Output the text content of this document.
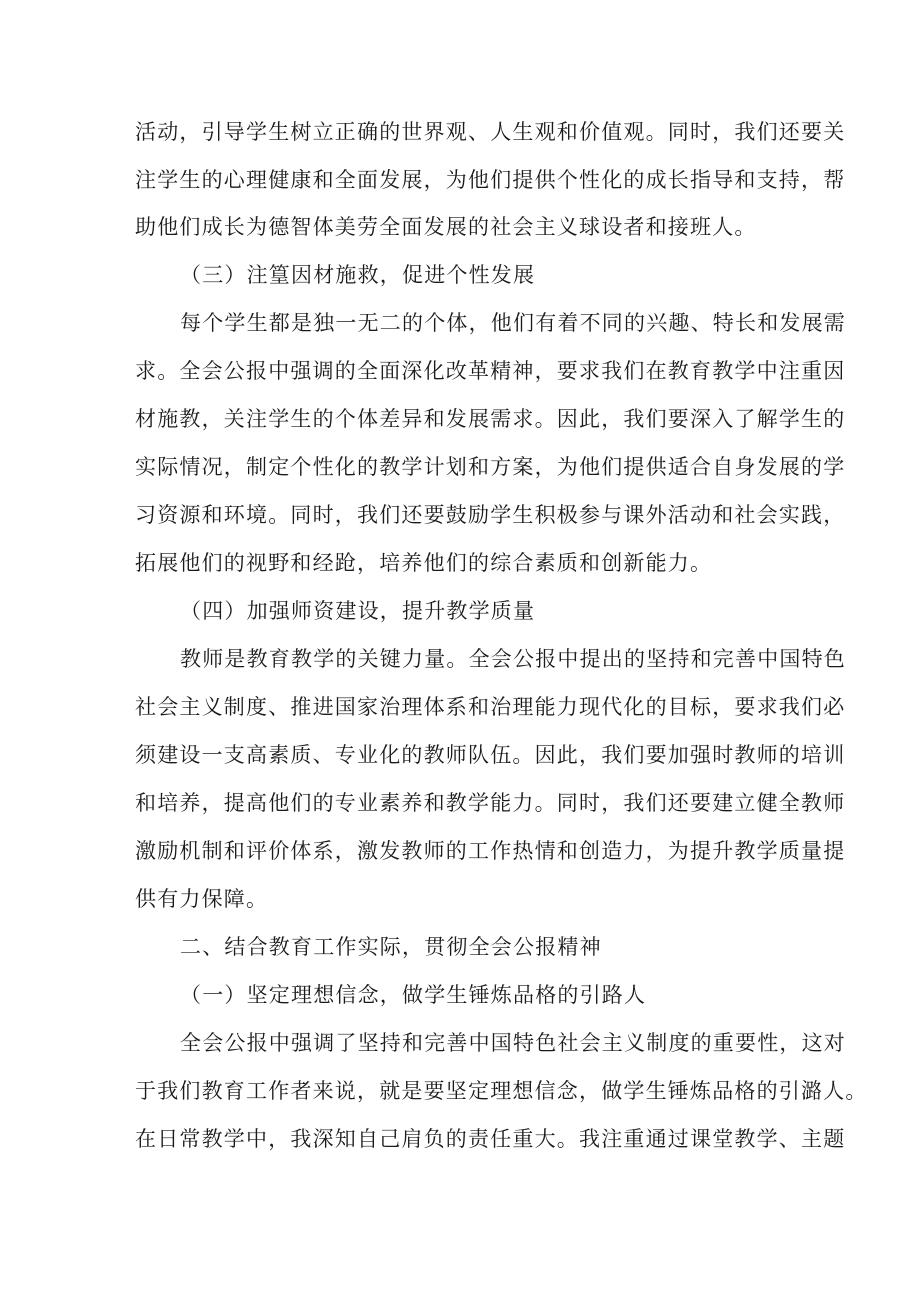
活动，引导学生树立正确的世界观、人生观和价值观。同时，我们还要关
注学生的心理健康和全面发展，为他们提供个性化的成长指导和支持，帮
助他们成长为德智体美劳全面发展的社会主义球设者和接班人。
（三）注篁因材施救，促进个性发展
每个学生都是独一无二的个体，他们有着不同的兴趣、特长和发展需
求。全会公报中强调的全面深化改革精神，要求我们在教育教学中注重因
材施教，关注学生的个体差异和发展需求。因此，我们要深入了解学生的
实际情况，制定个性化的教学计划和方案，为他们提供适合自身发展的学
习资源和环境。同时，我们还要鼓励学生积极参与课外活动和社会实践，
拓展他们的视野和经跄，培养他们的综合素质和创新能力。
（四）加强师资建设，提升教学质量
教师是教育教学的关键力量。全会公报中提出的坚持和完善中国特色
社会主义制度、推进国家治理体系和治理能力现代化的目标，要求我们必
须建设一支高素质、专业化的教师队伍。因此，我们要加强时教师的培训
和培养，提高他们的专业素养和教学能力。同时，我们还要建立健全教师
激励机制和评价体系，激发教师的工作热情和创造力，为提升教学质量提
供有力保障。
二、结合教育工作实际，贯彻全会公报精神
（一）坚定理想信念，做学生锤炼品格的引路人
全会公报中强调了坚持和完善中国特色社会主义制度的重要性，这对
于我们教育工作者来说，就是要坚定理想信念，做学生锤炼品格的引潞人。
在日常教学中，我深知自己肩负的责任重大。我注重通过课堂教学、主题
